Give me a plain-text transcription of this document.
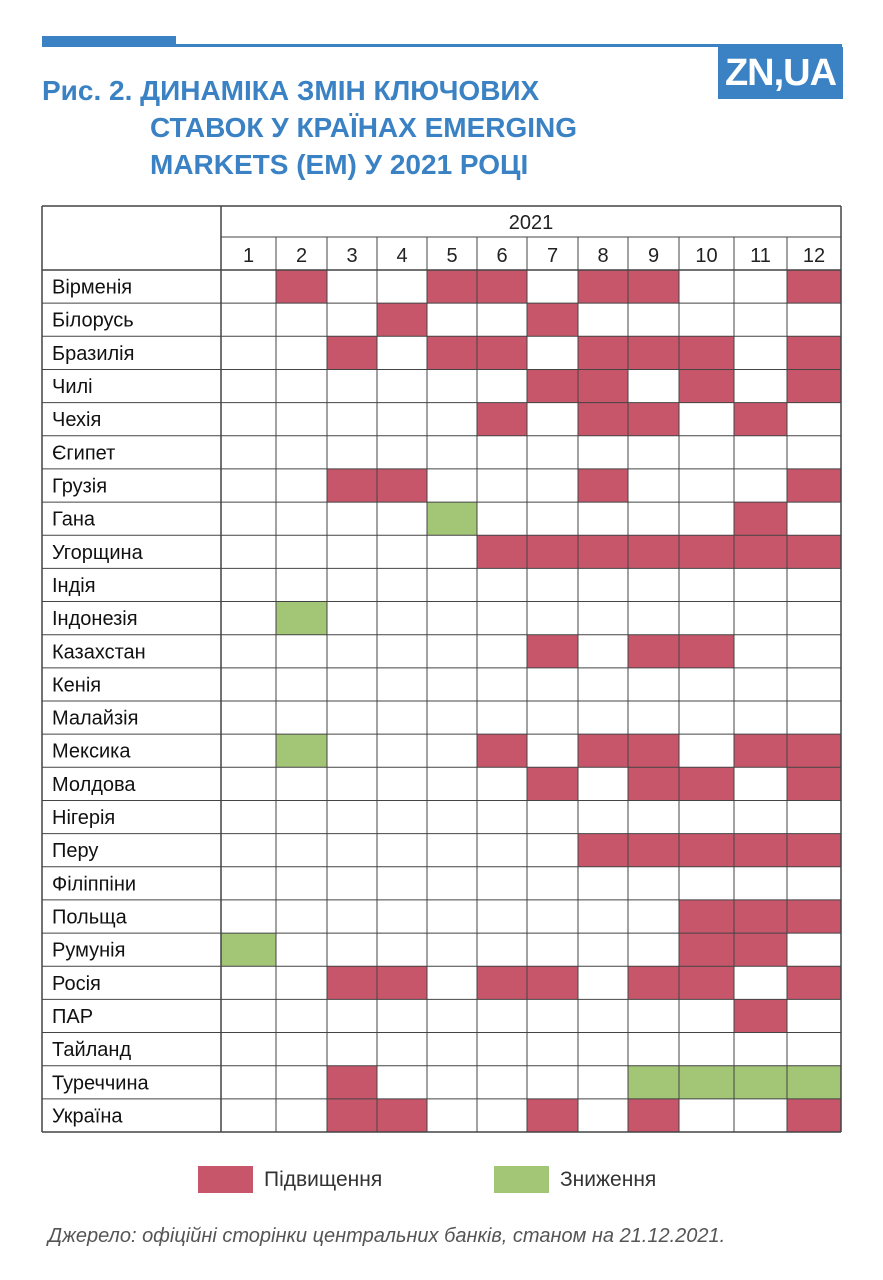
ZN,UA
Рис. 2. ДИНАМІКА ЗМІН КЛЮЧОВИХ
СТАВОК У КРАЇНАХ EMERGING
MARKETS (EM) У 2021 РОЦІ
2021
1 2 3 4 5 6 7 8 9 10 11 12
Вірменія
Білорусь
Бразилія
Чилі
Чехія
Єгипет
Грузія
Гана
Угорщина
Індія
Індонезія
Казахстан
Кенія
Малайзія
Мексика
Молдова
Нігерія
Перу
Філіппіни
Польща
Румунія
Росія
ПАР
Тайланд
Туреччина
Україна
Підвищення	Зниження
Джерело: офіційні сторінки центральних банків, станом на 21.12.2021.
